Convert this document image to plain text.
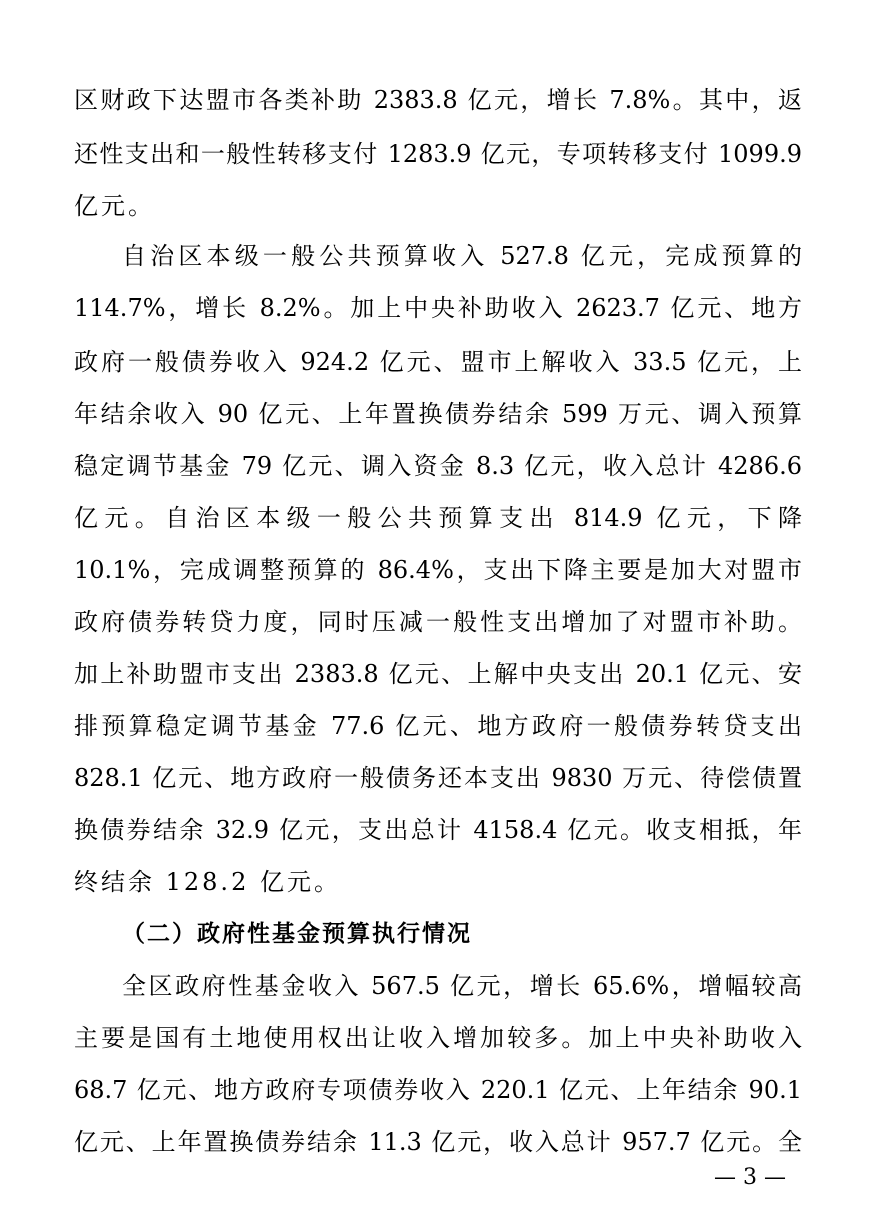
区财政下达盟市各类补助 2383.8 亿元，增长 7.8%。其中，返
还性支出和一般性转移支付 1283.9 亿元，专项转移支付 1099.9
亿元。
自治区本级一般公共预算收入 527.8 亿元，完成预算的
114.7%，增长 8.2%。加上中央补助收入 2623.7 亿元、地方
政府一般债券收入 924.2 亿元、盟市上解收入 33.5 亿元，上
年结余收入 90 亿元、上年置换债券结余 599 万元、调入预算
稳定调节基金 79 亿元、调入资金 8.3 亿元，收入总计 4286.6
亿元。自治区本级一般公共预算支出 814.9 亿元，下降
10.1%，完成调整预算的 86.4%，支出下降主要是加大对盟市
政府债券转贷力度，同时压减一般性支出增加了对盟市补助。
加上补助盟市支出 2383.8 亿元、上解中央支出 20.1 亿元、安
排预算稳定调节基金 77.6 亿元、地方政府一般债券转贷支出
828.1 亿元、地方政府一般债务还本支出 9830 万元、待偿债置
换债券结余 32.9 亿元，支出总计 4158.4 亿元。收支相抵，年
终结余 128.2 亿元。
（二）政府性基金预算执行情况
全区政府性基金收入 567.5 亿元，增长 65.6%，增幅较高
主要是国有土地使用权出让收入增加较多。加上中央补助收入
68.7 亿元、地方政府专项债券收入 220.1 亿元、上年结余 90.1
亿元、上年置换债券结余 11.3 亿元，收入总计 957.7 亿元。全
— 3 —
